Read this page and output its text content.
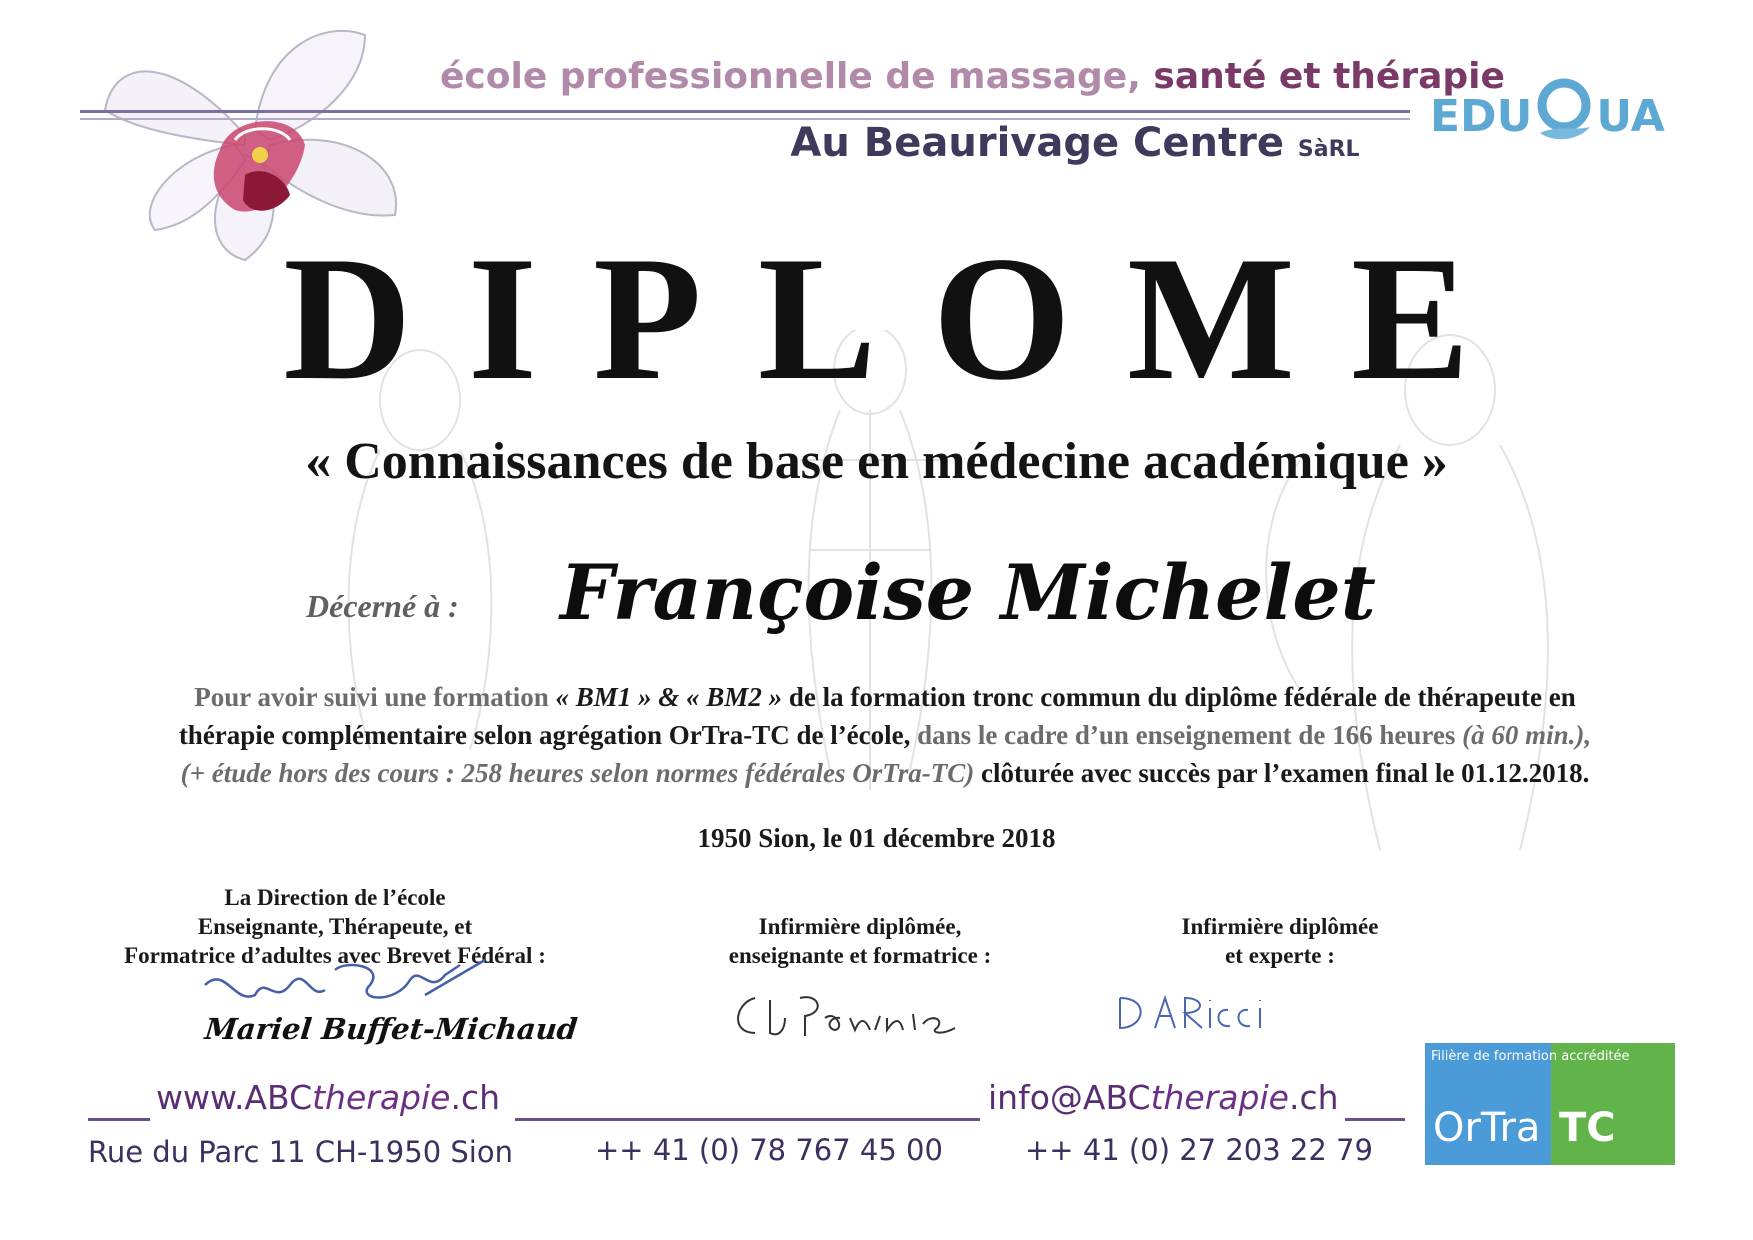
école professionnelle de massage, santé et thérapie
Au Beaurivage Centre SàRL
EDU UA
DIPLOME
« Connaissances de base en médecine académique »
Décerné à : Françoise Michelet
Pour avoir suivi une formation « BM1 » & « BM2 » de la formation tronc commun du diplôme fédérale de thérapeute en
thérapie complémentaire selon agrégation OrTra-TC de l’école, dans le cadre d’un enseignement de 166 heures (à 60 min.),
(+ étude hors des cours : 258 heures selon normes fédérales OrTra-TC) clôturée avec succès par l’examen final le 01.12.2018.
1950 Sion, le 01 décembre 2018
La Direction de l’école
Enseignante, Thérapeute, et
Formatrice d’adultes avec Brevet Fédéral :
Mariel Buffet-Michaud
Infirmière diplômée,
enseignante et formatrice :
Infirmière diplômée
et experte :
www.ABCtherapie.ch	info@ABCtherapie.ch
Rue du Parc 11 CH-1950 Sion	++ 41 (0) 78 767 45 00	++ 41 (0) 27 203 22 79
Filière de formation accréditée
OrTra TC
